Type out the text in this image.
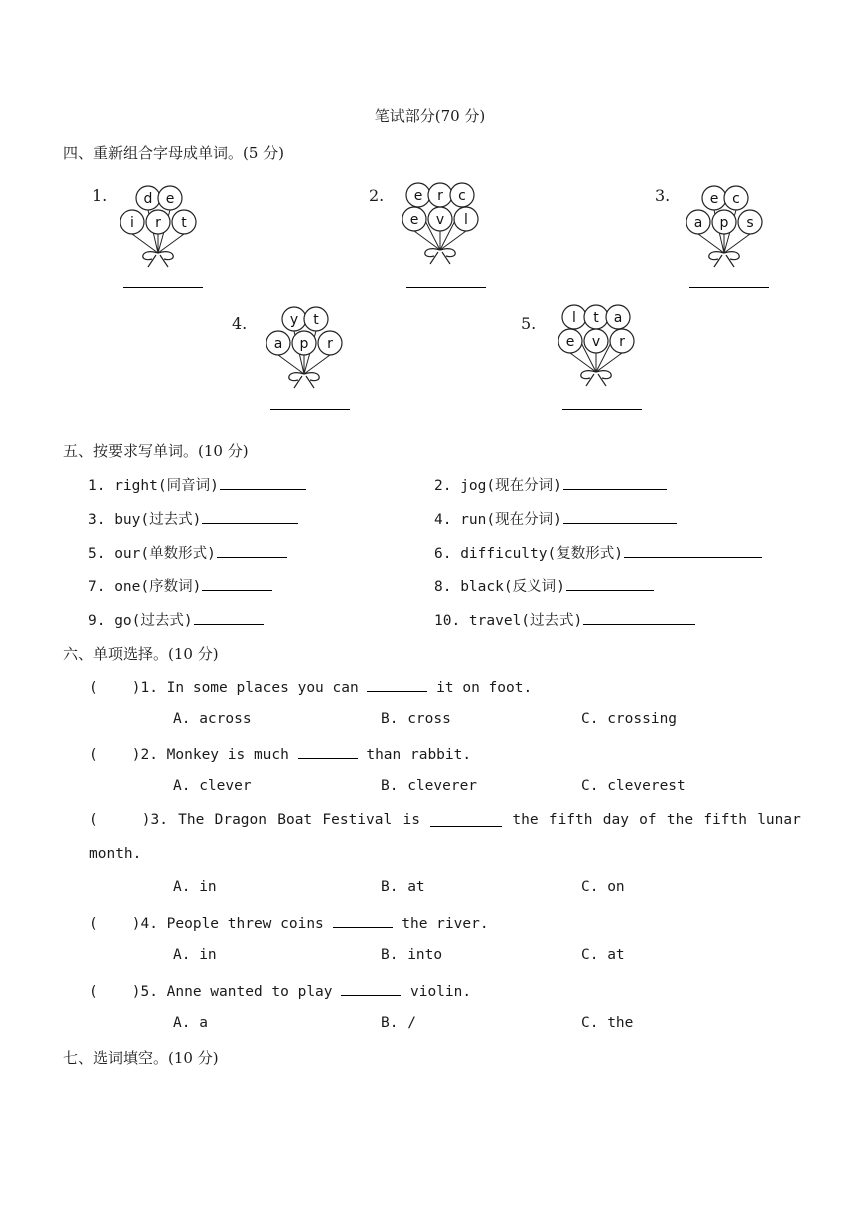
笔试部分(70 分)
四、重新组合字母成单词。(5 分)
1.	d e
i r t
2. e r c
e v l
3.	e c
a p s
4.	y t
a p r
5.	l t a
e v r
五、按要求写单词。(10 分)
1. right(同音词)	2. jog(现在分词)
3. buy(过去式)	4. run(现在分词)
5. our(单数形式)	6. difficulty(复数形式)
7. one(序数词)	8. black(反义词)
9. go(过去式)	10. travel(过去式)
六、单项选择。(10 分)
( )1. In some places you can	it on foot.
A. across	B. cross	C. crossing
( )2. Monkey is much	than rabbit.
A. clever	B. cleverer	C. cleverest
(	)3. The Dragon Boat Festival is	the fifth day of the fifth lunar
month.
A. in	B. at	C. on
( )4. People threw coins	the river.
A. in	B. into	C. at
( )5. Anne wanted to play	violin.
A. a	B. /	C. the
七、选词填空。(10 分)
